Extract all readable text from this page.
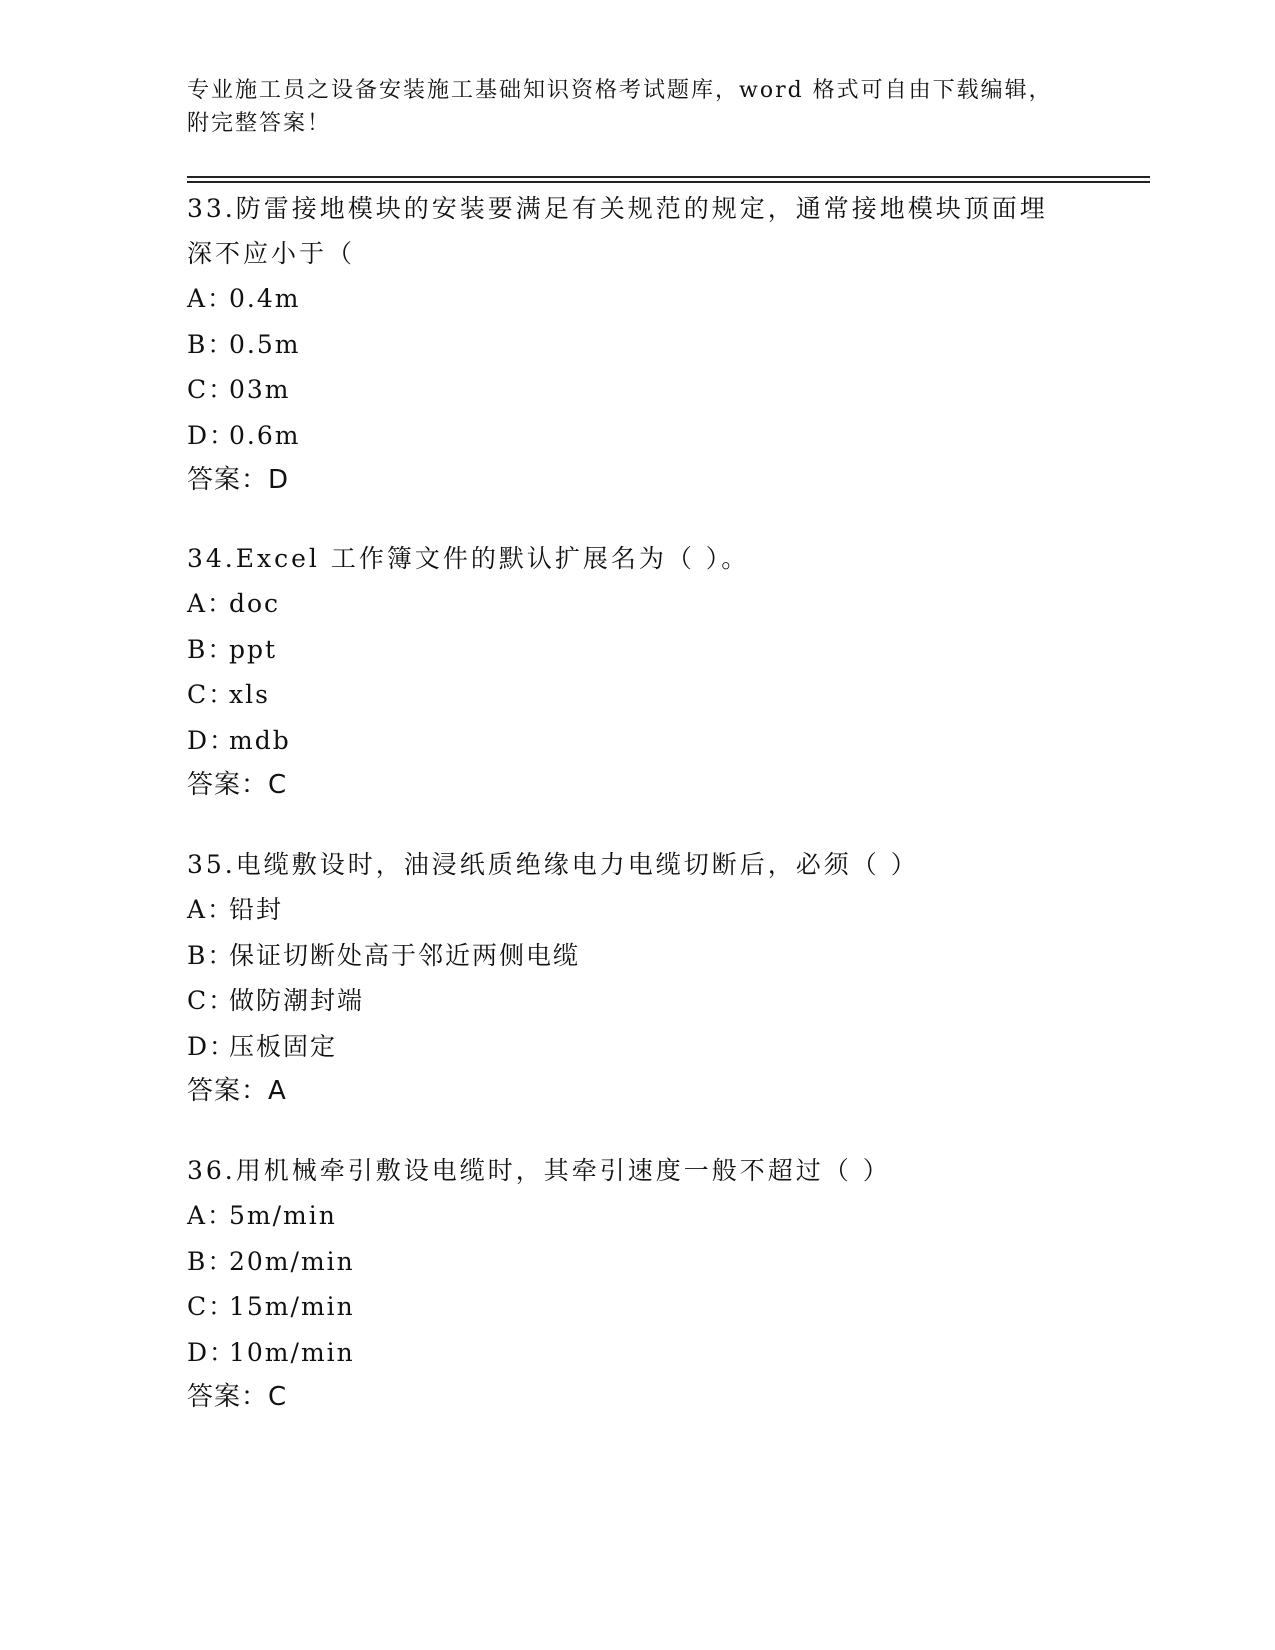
专业施工员之设备安装施工基础知识资格考试题库，word 格式可自由下载编辑，
附完整答案！
33.防雷接地模块的安装要满足有关规范的规定，通常接地模块顶面埋
深不应小于（
A：0.4m
B：0.5m
C：03m
D：0.6m
答案：D
34.Excel 工作簿文件的默认扩展名为（ ）。
A：doc
B：ppt
C：xls
D：mdb
答案：C
35.电缆敷设时，油浸纸质绝缘电力电缆切断后，必须（ ）
A：铅封
B：保证切断处高于邻近两侧电缆
C：做防潮封端
D：压板固定
答案：A
36.用机械牵引敷设电缆时，其牵引速度一般不超过（ ）
A：5m/min
B：20m/min
C：15m/min
D：10m/min
答案：C
